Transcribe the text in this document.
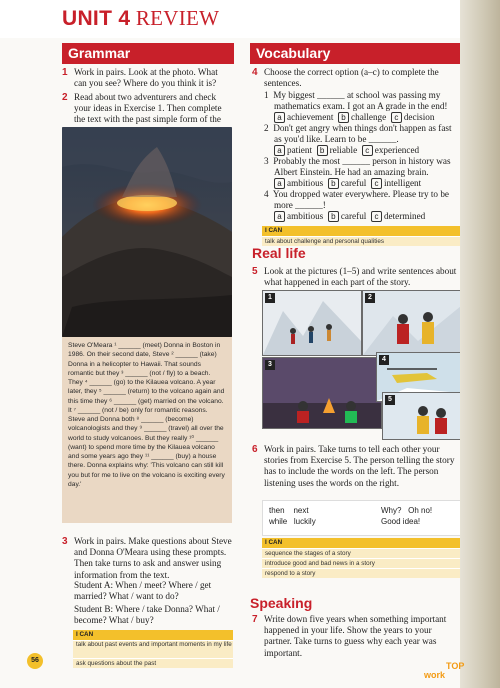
UNIT 4 REVIEW
Grammar
1 Work in pairs. Look at the photo. What can you see? Where do you think it is?
2 Read about two adventurers and check your ideas in Exercise 1. Then complete the text with the past simple form of the
Steve O'Meara ¹ ______ (meet) Donna in Boston in 1986. On their second date, Steve ² ______ (take) Donna in a helicopter to Hawaii. That sounds romantic but they ³ ______ (not / fly) to a beach. They ⁴ ______ (go) to the Kilauea volcano. A year later, they ⁵ ______ (return) to the volcano again and this time they ⁶ ______ (get) married on the volcano. It ⁷ ______ (not / be) only for romantic reasons. Steve and Donna both ⁸ ______ (become) volcanologists and they ⁹ ______ (travel) all over the world to study volcanoes. But they really ¹⁰ ______ (want) to spend more time by the Kilauea volcano and some years ago they ¹¹ ______ (buy) a house there. Donna explains why: 'This volcano can still kill you but for me to live on the volcano is exciting every day.'
3 Work in pairs. Make questions about Steve and Donna O'Meara using these prompts. Then take turns to ask and answer using information from the text.
Student A: When / meet? Where / get married? What / want to do?
Student B: Where / take Donna? What / become? What / buy?
I CAN
talk about past events and important moments in my life
ask questions about the past
Vocabulary
4 Choose the correct option (a–c) to complete the sentences.
1 My biggest ______ at school was passing my
mathematics exam. I got an A grade in the end!
a achievement b challenge c decision
2 Don't get angry when things don't happen as fast
as you'd like. Learn to be ______.
a patient b reliable c experienced
3 Probably the most ______ person in history was
Albert Einstein. He had an amazing brain.
a ambitious b careful c intelligent
4 You dropped water everywhere. Please try to be
more ______!
a ambitious b careful c determined
I CAN
talk about challenge and personal qualities
Real life
5 Look at the pictures (1–5) and write sentences about what happened in each part of the story.
1	2
3
4
5
6 Work in pairs. Take turns to tell each other your stories from Exercise 5. The person telling the story has to include the words on the left. The person listening uses the words on the right.
then next
while luckily
Why? Oh no!
Good idea!
I CAN
sequence the stages of a story
introduce good and bad news in a story
respond to a story
Speaking
7 Write down five years when something important happened in your life. Show the years to your partner. Take turns to guess why each year was important.
56
TOP
work
